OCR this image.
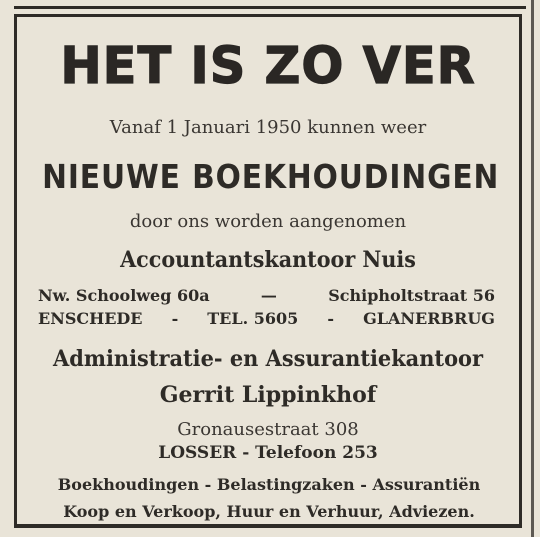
HET IS ZO VER
Vanaf 1 Januari 1950 kunnen weer
NIEUWE BOEKHOUDINGEN
door ons worden aangenomen
Accountantskantoor Nuis
Nw. Schoolweg 60a	—	Schipholtstraat 56
ENSCHEDE - TEL. 5605 - GLANERBRUG
Administratie- en Assurantiekantoor
Gerrit Lippinkhof
Gronausestraat 308
LOSSER - Telefoon 253
Boekhoudingen - Belastingzaken - Assurantiën
Koop en Verkoop, Huur en Verhuur, Adviezen.
